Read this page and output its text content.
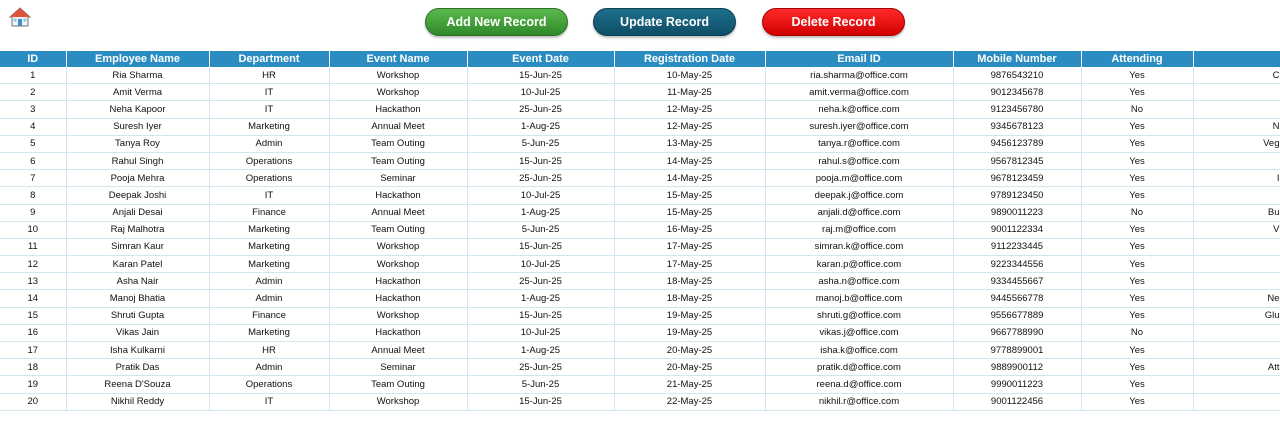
Add New Record	Update Record	Delete Record
ID	Employee Name	Department	Event Name	Event Date	Registration Date	Email ID	Mobile Number	Attending	
1	Ria Sharma	HR	Workshop	15-Jun-25	10-May-25	ria.sharma@office.com	9876543210	Yes	C
2	Amit Verma	IT	Workshop	10-Jul-25	11-May-25	amit.verma@office.com	9012345678	Yes	
3	Neha Kapoor	IT	Hackathon	25-Jun-25	12-May-25	neha.k@office.com	9123456780	No	
4	Suresh Iyer	Marketing	Annual Meet	1-Aug-25	12-May-25	suresh.iyer@office.com	9345678123	Yes	N
5	Tanya Roy	Admin	Team Outing	5-Jun-25	13-May-25	tanya.r@office.com	9456123789	Yes	Veg
6	Rahul Singh	Operations	Team Outing	15-Jun-25	14-May-25	rahul.s@office.com	9567812345	Yes	
7	Pooja Mehra	Operations	Seminar	25-Jun-25	14-May-25	pooja.m@office.com	9678123459	Yes	I
8	Deepak Joshi	IT	Hackathon	10-Jul-25	15-May-25	deepak.j@office.com	9789123450	Yes	
9	Anjali Desai	Finance	Annual Meet	1-Aug-25	15-May-25	anjali.d@office.com	9890011223	No	Bu
10	Raj Malhotra	Marketing	Team Outing	5-Jun-25	16-May-25	raj.m@office.com	9001122334	Yes	V
11	Simran Kaur	Marketing	Workshop	15-Jun-25	17-May-25	simran.k@office.com	9112233445	Yes	
12	Karan Patel	Marketing	Workshop	10-Jul-25	17-May-25	karan.p@office.com	9223344556	Yes	
13	Asha Nair	Admin	Hackathon	25-Jun-25	18-May-25	asha.n@office.com	9334455667	Yes	
14	Manoj Bhatia	Admin	Hackathon	1-Aug-25	18-May-25	manoj.b@office.com	9445566778	Yes	Ne
15	Shruti Gupta	Finance	Workshop	15-Jun-25	19-May-25	shruti.g@office.com	9556677889	Yes	Glu
16	Vikas Jain	Marketing	Hackathon	10-Jul-25	19-May-25	vikas.j@office.com	9667788990	No	
17	Isha Kulkarni	HR	Annual Meet	1-Aug-25	20-May-25	isha.k@office.com	9778899001	Yes	
18	Pratik Das	Admin	Seminar	25-Jun-25	20-May-25	pratik.d@office.com	9889900112	Yes	Att
19	Reena D'Souza	Operations	Team Outing	5-Jun-25	21-May-25	reena.d@office.com	9990011223	Yes	
20	Nikhil Reddy	IT	Workshop	15-Jun-25	22-May-25	nikhil.r@office.com	9001122456	Yes	
